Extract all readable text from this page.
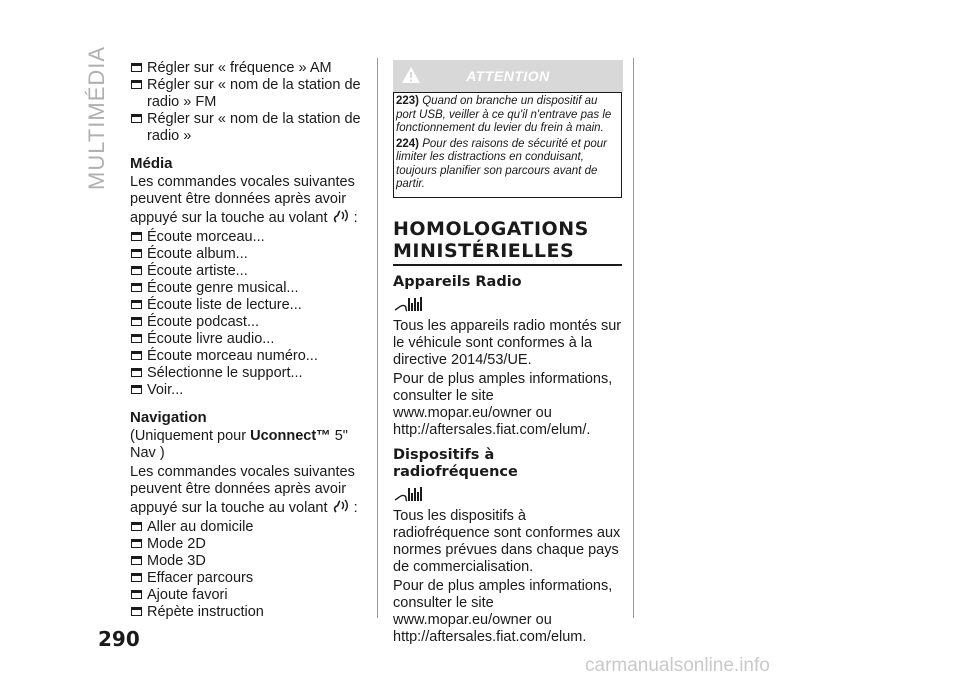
MULTIMÉDIA	Régler sur « fréquence » AM
Régler sur « nom de la station de radio » FM
Régler sur « nom de la station de radio »
Média

Les commandes vocales suivantes peuvent être données après avoir appuyé sur la touche au volant :

Écoute morceau...
Écoute album...
Écoute artiste...
Écoute genre musical...
Écoute liste de lecture...
Écoute podcast...
Écoute livre audio...
Écoute morceau numéro...
Sélectionne le support...
Voir...
Navigation

(Uniquement pour Uconnect™ 5" Nav )

Les commandes vocales suivantes peuvent être données après avoir appuyé sur la touche au volant :

Aller au domicile
Mode 2D
Mode 3D
Effacer parcours
Ajoute favori
Répète instruction
ATTENTION

223) Quand on branche un dispositif au port USB, veiller à ce qu'il n'entrave pas le fonctionnement du levier du frein à main.

224) Pour des raisons de sécurité et pour limiter les distractions en conduisant, toujours planifier son parcours avant de partir.

HOMOLOGATIONS MINISTÉRIELLES
Appareils Radio

Tous les appareils radio montés sur le véhicule sont conformes à la directive 2014/53/UE.

Pour de plus amples informations, consulter le site www.mopar.eu/owner ou http://aftersales.fiat.com/elum/.

Dispositifs à radiofréquence

Tous les dispositifs à radiofréquence sont conformes aux normes prévues dans chaque pays de commercialisation.

Pour de plus amples informations, consulter le site www.mopar.eu/owner ou http://aftersales.fiat.com/elum.

290
carmanualsonline.info
